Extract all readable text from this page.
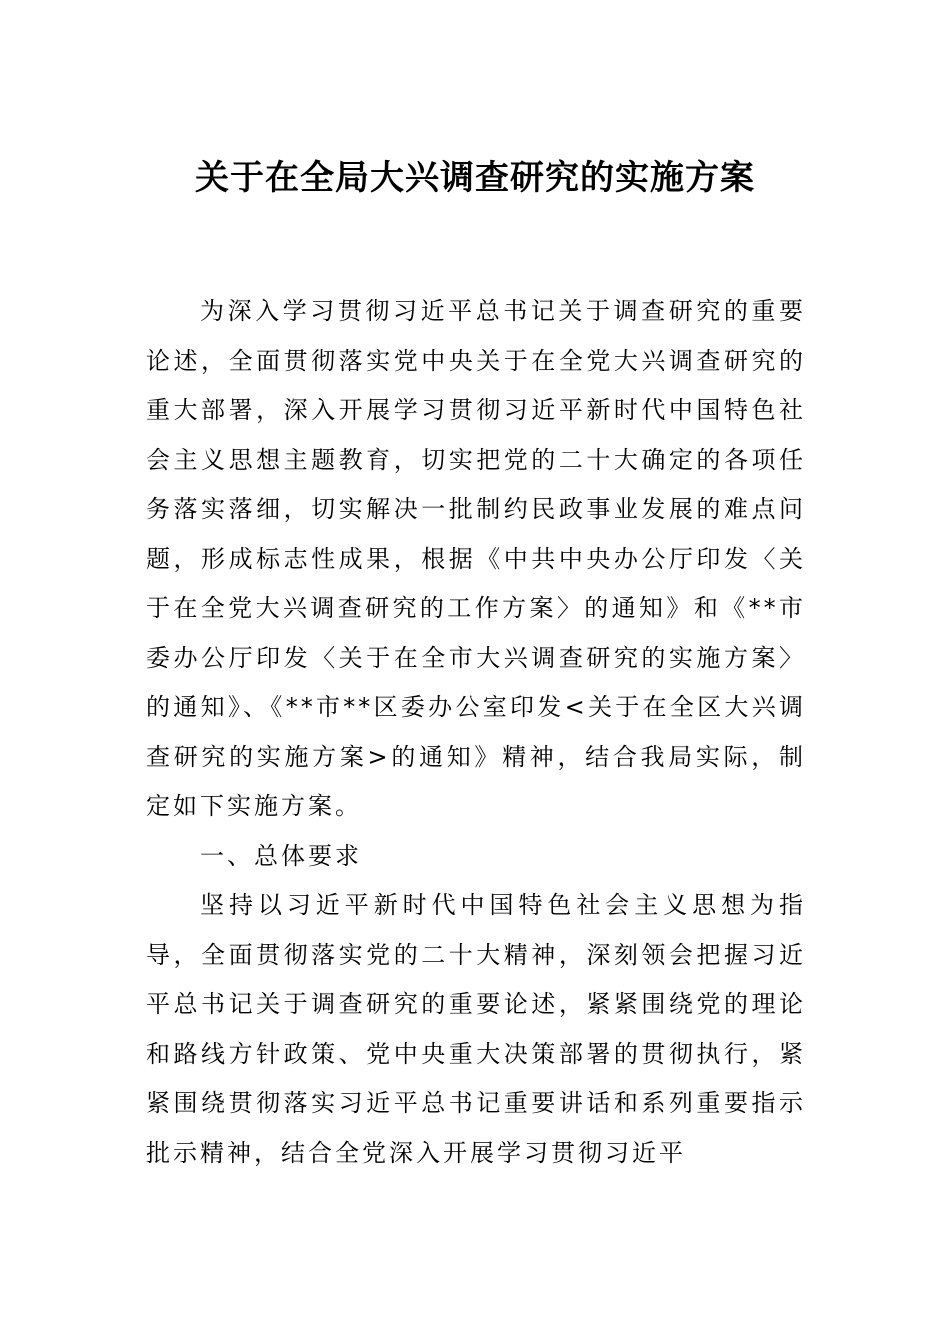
关于在全局大兴调查研究的实施方案

为深入学习贯彻习近平总书记关于调查研究的重要论述，全面贯彻落实党中央关于在全党大兴调查研究的重大部署，深入开展学习贯彻习近平新时代中国特色社会主义思想主题教育，切实把党的二十大确定的各项任务落实落细，切实解决一批制约民政事业发展的难点问题，形成标志性成果，根据《中共中央办公厅印发〈关于在全党大兴调查研究的工作方案〉的通知》和《**市委办公厅印发〈关于在全市大兴调查研究的实施方案〉的通知》、《**市**区委办公室印发<关于在全区大兴调查研究的实施方案>的通知》精神，结合我局实际，制定如下实施方案。

一、总体要求

坚持以习近平新时代中国特色社会主义思想为指导，全面贯彻落实党的二十大精神，深刻领会把握习近平总书记关于调查研究的重要论述，紧紧围绕党的理论和路线方针政策、党中央重大决策部署的贯彻执行，紧紧围绕贯彻落实习近平总书记重要讲话和系列重要指示批示精神，结合全党深入开展学习贯彻习近平
